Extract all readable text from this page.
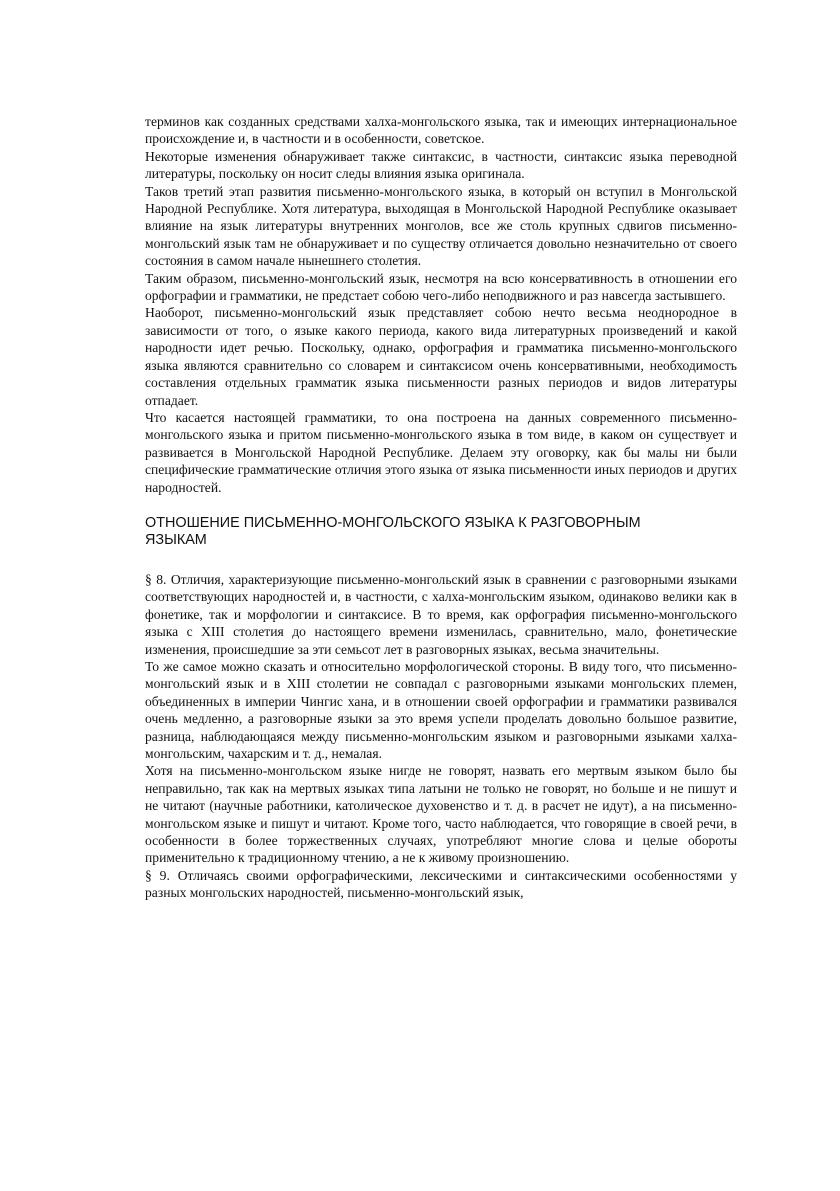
терминов как созданных средствами халха-монгольского языка, так и имеющих интернациональное происхождение и, в частности и в особенности, советское.

Некоторые изменения обнаруживает также синтаксис, в частности, синтаксис языка переводной литературы, поскольку он носит следы влияния языка оригинала.

Таков третий этап развития письменно-монгольского языка, в который он вступил в Монгольской Народной Республике. Хотя литература, выходящая в Монгольской Народной Республике оказывает влияние на язык литературы внутренних монголов, все же столь крупных сдвигов письменно-монгольский язык там не обнаруживает и по существу отличается довольно незначительно от своего состояния в самом начале нынешнего столетия.

Таким образом, письменно-монгольский язык, несмотря на всю консервативность в отношении его орфографии и грамматики, не предстает собою чего-либо неподвижного и раз навсегда застывшего.

Наоборот, письменно-монгольский язык представляет собою нечто весьма неоднородное в зависимости от того, о языке какого периода, какого вида литературных произведений и какой народности идет речью. Поскольку, однако, орфография и грамматика письменно-монгольского языка являются сравнительно со словарем и синтаксисом очень консервативными, необходимость составления отдельных грамматик языка письменности разных периодов и видов литературы отпадает.

Что касается настоящей грамматики, то она построена на данных современного письменно-монгольского языка и притом письменно-монгольского языка в том виде, в каком он существует и развивается в Монгольской Народной Республике. Делаем эту оговорку, как бы малы ни были специфические грамматические отличия этого языка от языка письменности иных периодов и других народностей.

ОТНОШЕНИЕ ПИСЬМЕННО-МОНГОЛЬСКОГО ЯЗЫКА К РАЗГОВОРНЫМ ЯЗЫКАМ

§ 8. Отличия, характеризующие письменно-монгольский язык в сравнении с разговорными языками соответствующих народностей и, в частности, с халха-монгольским языком, одинаково велики как в фонетике, так и морфологии и синтаксисе. В то время, как орфография письменно-монгольского языка с XIII столетия до настоящего времени изменилась, сравнительно, мало, фонетические изменения, происшедшие за эти семьсот лет в разговорных языках, весьма значительны.

То же самое можно сказать и относительно морфологической стороны. В виду того, что письменно-монгольский язык и в XIII столетии не совпадал с разговорными языками монгольских племен, объединенных в империи Чингис хана, и в отношении своей орфографии и грамматики развивался очень медленно, а разговорные языки за это время успели проделать довольно большое развитие, разница, наблюдающаяся между письменно-монгольским языком и разговорными языками халха-монгольским, чахарским и т. д., немалая.

Хотя на письменно-монгольском языке нигде не говорят, назвать его мертвым языком было бы неправильно, так как на мертвых языках типа латыни не только не говорят, но больше и не пишут и не читают (научные работники, католическое духовенство и т. д. в расчет не идут), а на письменно-монгольском языке и пишут и читают. Кроме того, часто наблюдается, что говорящие в своей речи, в особенности в более торжественных случаях, употребляют многие слова и целые обороты применительно к традиционному чтению, а не к живому произношению.

§ 9. Отличаясь своими орфографическими, лексическими и синтаксическими особенностями у разных монгольских народностей, письменно-монгольский язык,
